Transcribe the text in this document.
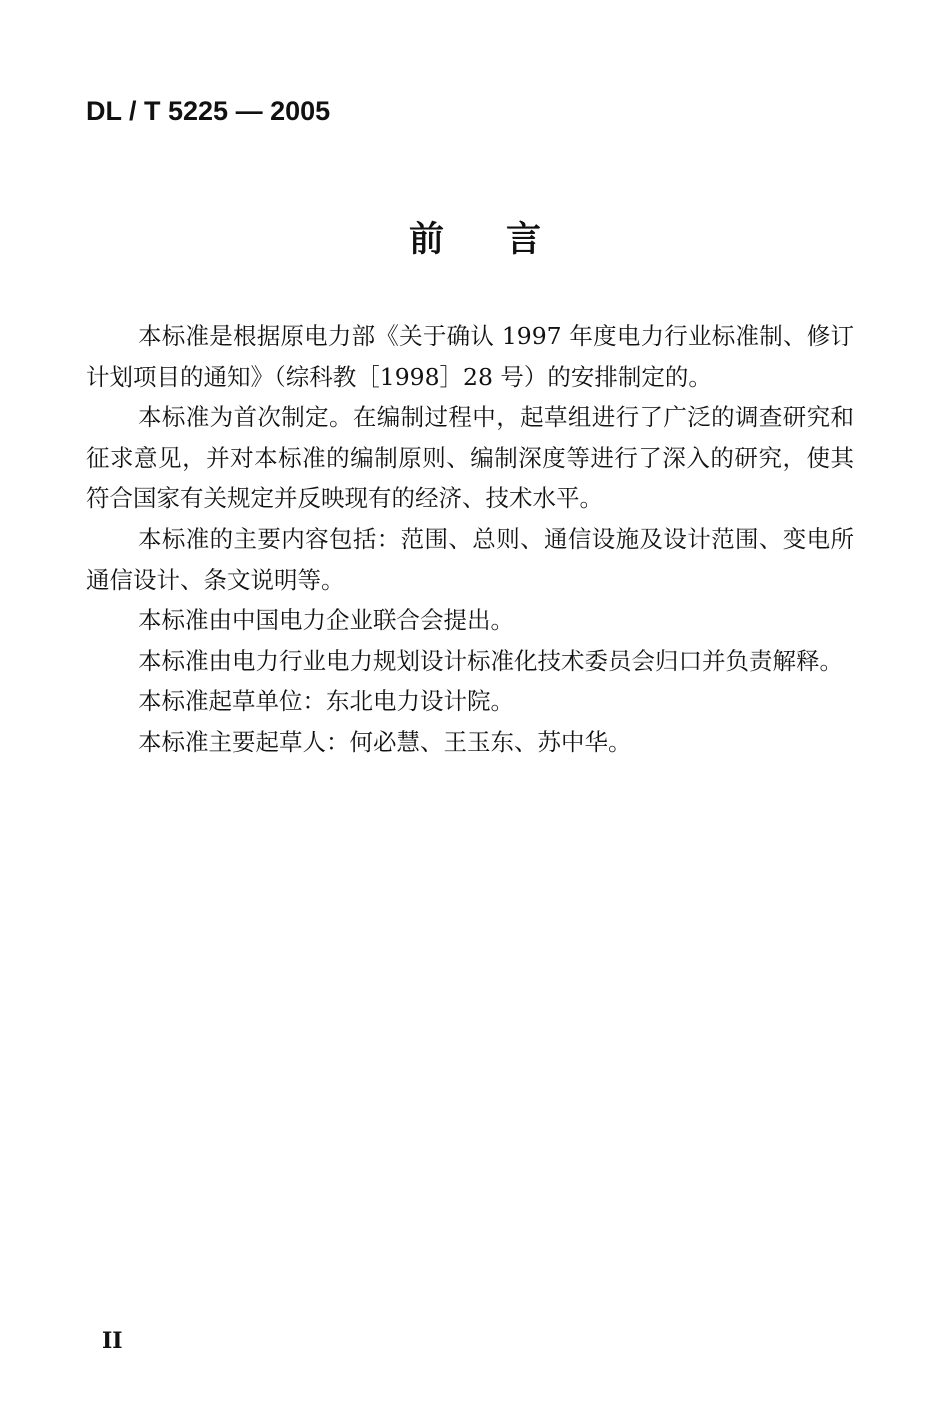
DL / T 5225 — 2005
前 言

本标准是根据原电力部《关于确认 1997 年度电力行业标准制、修订计划项目的通知》（综科教［1998］28 号）的安排制定的。

本标准为首次制定。在编制过程中，起草组进行了广泛的调查研究和征求意见，并对本标准的编制原则、编制深度等进行了深入的研究，使其符合国家有关规定并反映现有的经济、技术水平。

本标准的主要内容包括：范围、总则、通信设施及设计范围、变电所通信设计、条文说明等。

本标准由中国电力企业联合会提出。

本标准由电力行业电力规划设计标准化技术委员会归口并负责解释。

本标准起草单位：东北电力设计院。

本标准主要起草人：何必慧、王玉东、苏中华。

II
